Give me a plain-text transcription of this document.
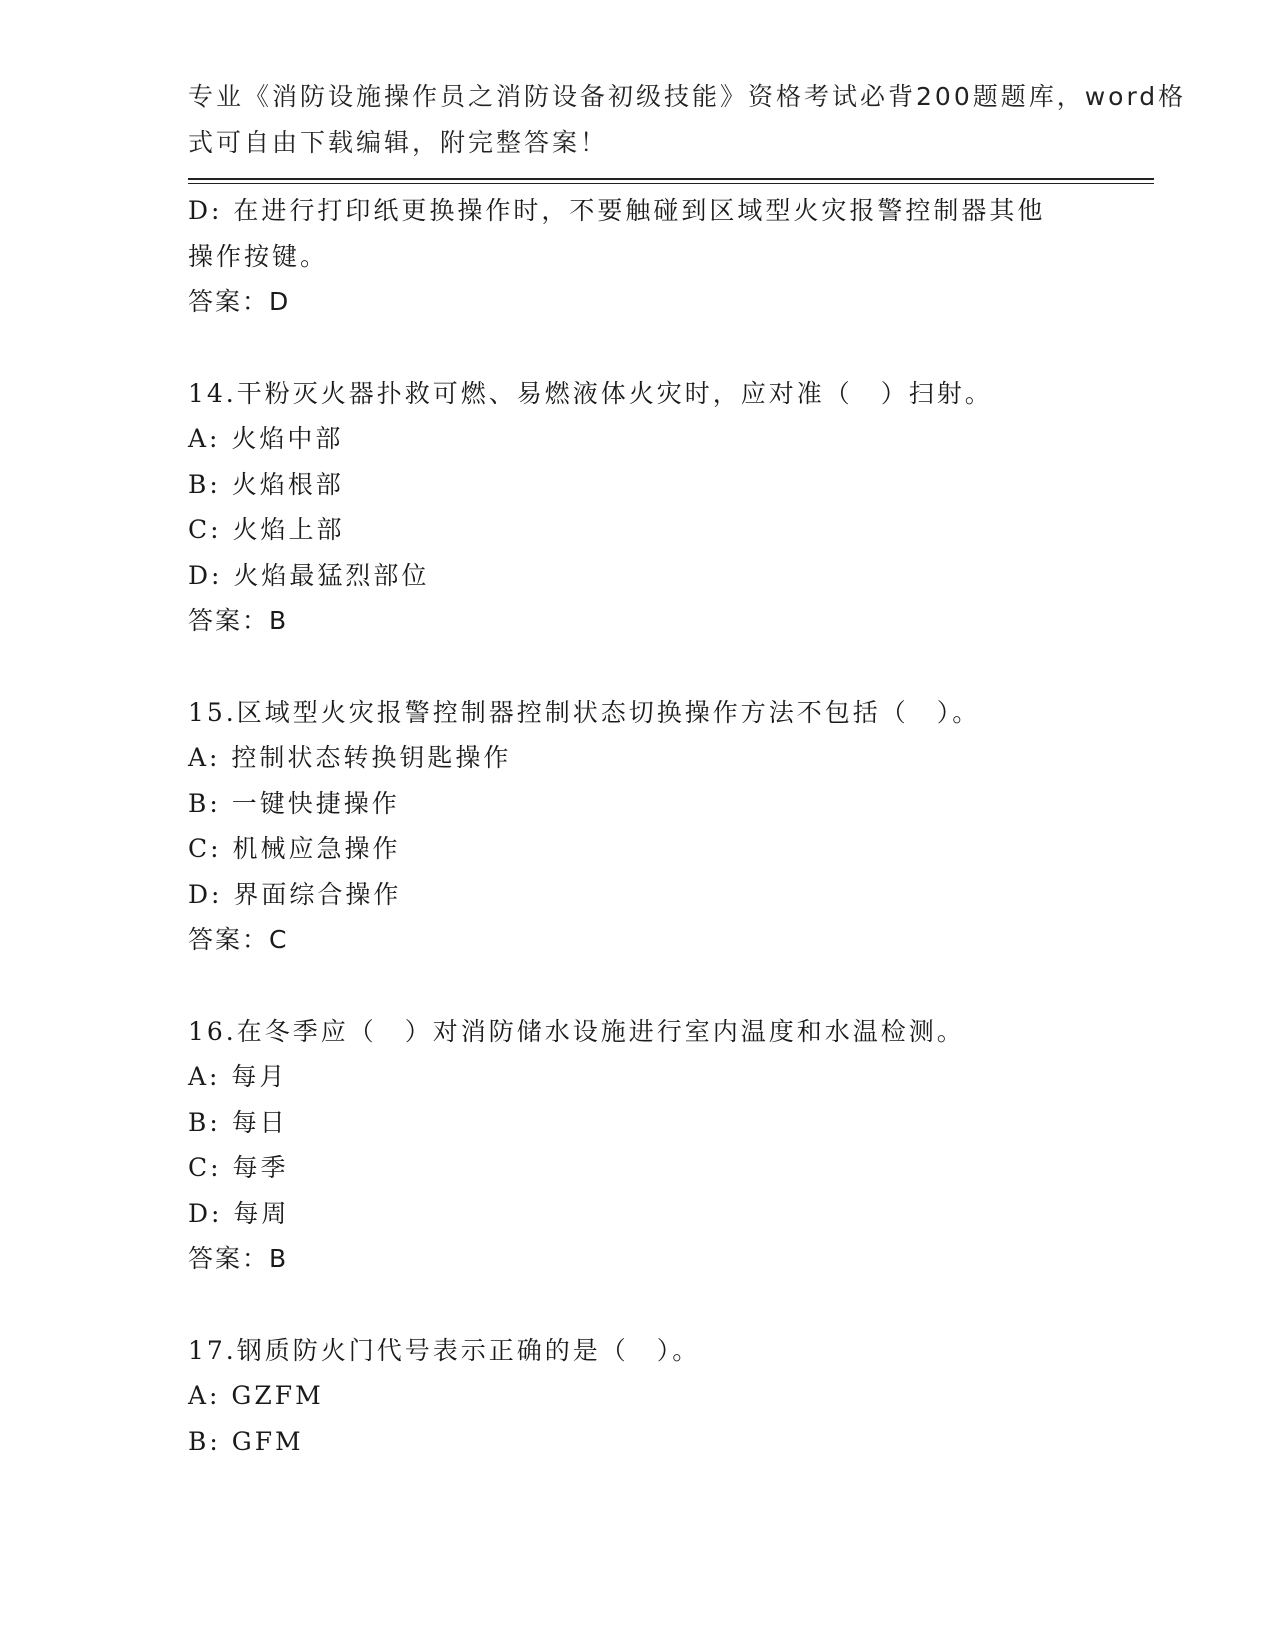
专业《消防设施操作员之消防设备初级技能》资格考试必背200题题库，word格
式可自由下载编辑，附完整答案！
D: 在进行打印纸更换操作时，不要触碰到区域型火灾报警控制器其他
操作按键。
答案：D
14.干粉灭火器扑救可燃、易燃液体火灾时，应对准（　）扫射。
A: 火焰中部
B: 火焰根部
C: 火焰上部
D: 火焰最猛烈部位
答案：B
15.区域型火灾报警控制器控制状态切换操作方法不包括（　）。
A: 控制状态转换钥匙操作
B: 一键快捷操作
C: 机械应急操作
D: 界面综合操作
答案：C
16.在冬季应（　）对消防储水设施进行室内温度和水温检测。
A: 每月
B: 每日
C: 每季
D: 每周
答案：B
17.钢质防火门代号表示正确的是（　）。
A: GZFM
B: GFM
